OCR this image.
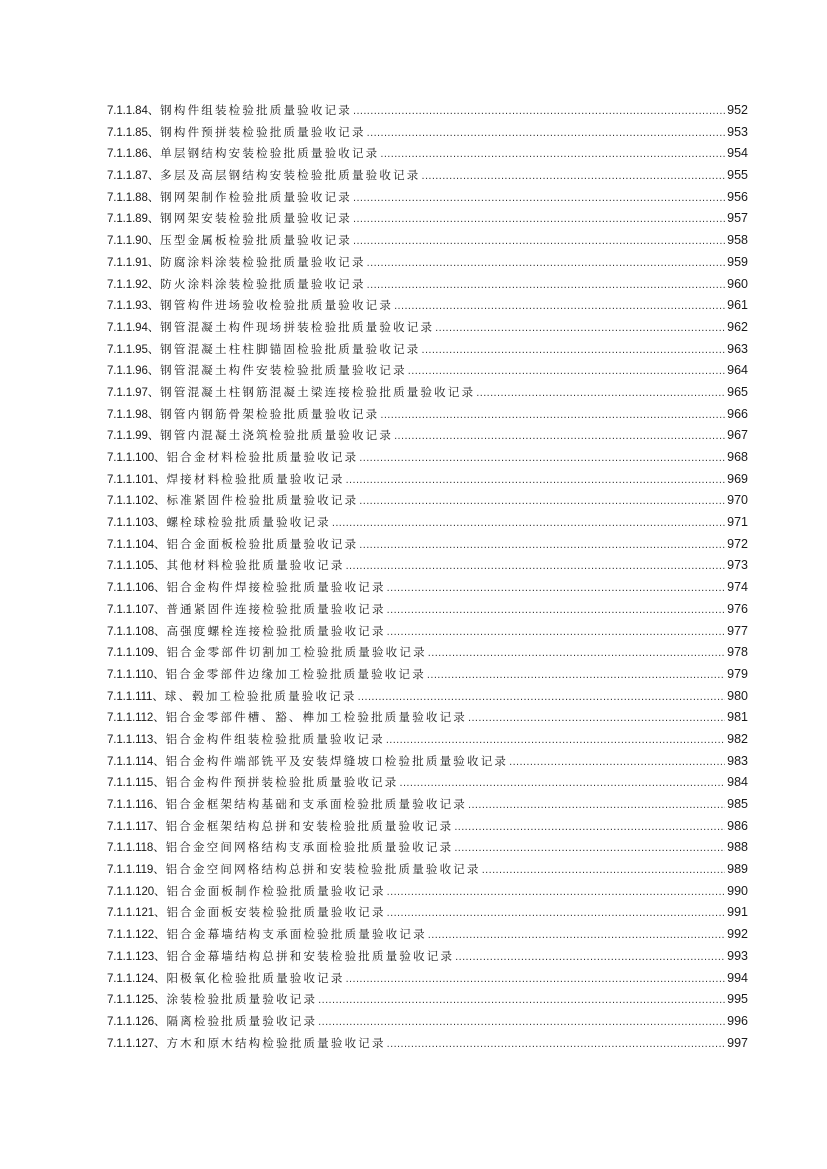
7.1.1.84、 钢构件组装检验批质量验收记录 .....	952
7.1.1.85、 钢构件预拼装检验批质量验收记录 .....	953
7.1.1.86、 单层钢结构安装检验批质量验收记录 .....	954
7.1.1.87、 多层及高层钢结构安装检验批质量验收记录 .....	955
7.1.1.88、 钢网架制作检验批质量验收记录 .....	956
7.1.1.89、 钢网架安装检验批质量验收记录 .....	957
7.1.1.90、 压型金属板检验批质量验收记录 .....	958
7.1.1.91、 防腐涂料涂装检验批质量验收记录 .....	959
7.1.1.92、 防火涂料涂装检验批质量验收记录 .....	960
7.1.1.93、 钢管构件进场验收检验批质量验收记录 .....	961
7.1.1.94、 钢管混凝土构件现场拼装检验批质量验收记录 .....	962
7.1.1.95、 钢管混凝土柱柱脚锚固检验批质量验收记录 .....	963
7.1.1.96、 钢管混凝土构件安装检验批质量验收记录 .....	964
7.1.1.97、 钢管混凝土柱钢筋混凝土梁连接检验批质量验收记录 .....	965
7.1.1.98、 钢管内钢筋骨架检验批质量验收记录 .....	966
7.1.1.99、 钢管内混凝土浇筑检验批质量验收记录 .....	967
7.1.1.100、 铝合金材料检验批质量验收记录 .....	968
7.1.1.101、 焊接材料检验批质量验收记录 .....	969
7.1.1.102、 标准紧固件检验批质量验收记录 .....	970
7.1.1.103、 螺栓球检验批质量验收记录 .....	971
7.1.1.104、 铝合金面板检验批质量验收记录 .....	972
7.1.1.105、 其他材料检验批质量验收记录 .....	973
7.1.1.106、 铝合金构件焊接检验批质量验收记录 .....	974
7.1.1.107、 普通紧固件连接检验批质量验收记录 .....	976
7.1.1.108、 高强度螺栓连接检验批质量验收记录 .....	977
7.1.1.109、 铝合金零部件切割加工检验批质量验收记录 .....	978
7.1.1.110、 铝合金零部件边缘加工检验批质量验收记录 .....	979
7.1.1.111、 球、毂加工检验批质量验收记录 .....	980
7.1.1.112、 铝合金零部件槽、豁、榫加工检验批质量验收记录 .....	981
7.1.1.113、 铝合金构件组装检验批质量验收记录 .....	982
7.1.1.114、 铝合金构件端部铣平及安装焊缝坡口检验批质量验收记录 .....	983
7.1.1.115、 铝合金构件预拼装检验批质量验收记录 .....	984
7.1.1.116、 铝合金框架结构基础和支承面检验批质量验收记录 .....	985
7.1.1.117、 铝合金框架结构总拼和安装检验批质量验收记录 .....	986
7.1.1.118、 铝合金空间网格结构支承面检验批质量验收记录 .....	988
7.1.1.119、 铝合金空间网格结构总拼和安装检验批质量验收记录 .....	989
7.1.1.120、 铝合金面板制作检验批质量验收记录 .....	990
7.1.1.121、 铝合金面板安装检验批质量验收记录 .....	991
7.1.1.122、 铝合金幕墙结构支承面检验批质量验收记录 .....	992
7.1.1.123、 铝合金幕墙结构总拼和安装检验批质量验收记录 .....	993
7.1.1.124、 阳极氧化检验批质量验收记录 .....	994
7.1.1.125、 涂装检验批质量验收记录 .....	995
7.1.1.126、 隔离检验批质量验收记录 .....	996
7.1.1.127、 方木和原木结构检验批质量验收记录 .....	997
